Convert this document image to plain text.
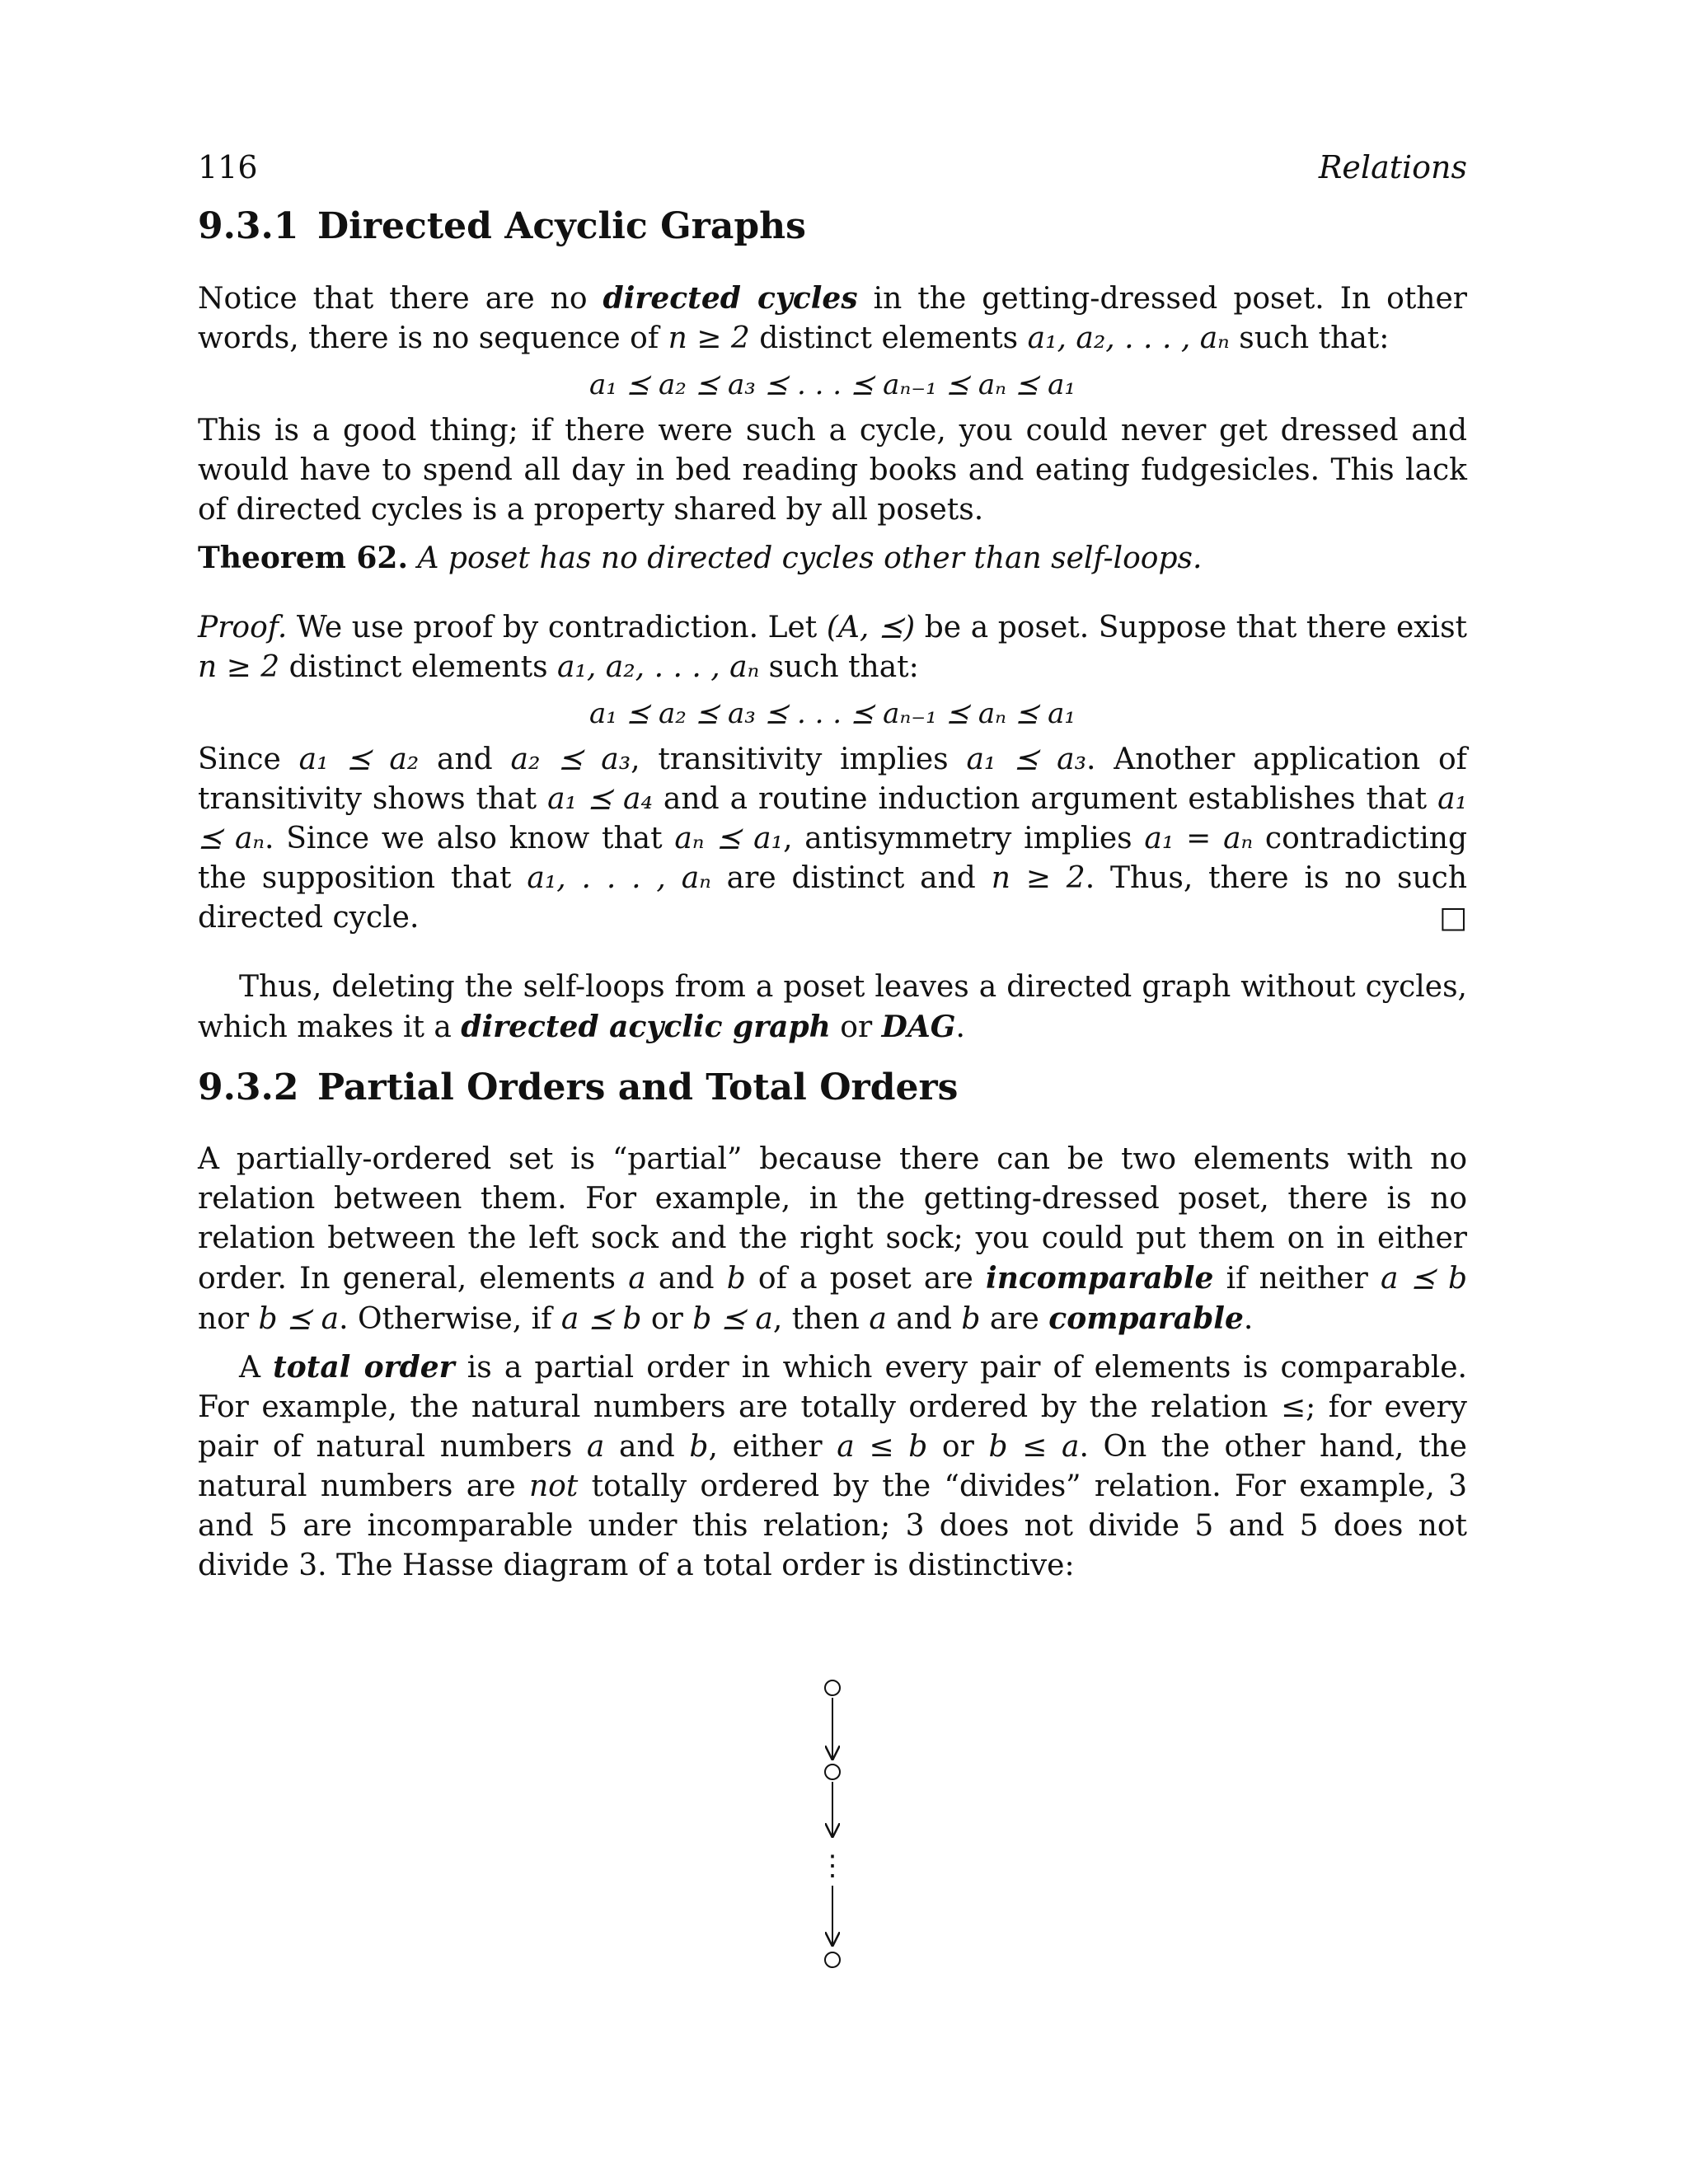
116	Relations
9.3.1 Directed Acyclic Graphs

Notice that there are no directed cycles in the getting-dressed poset. In other words, there is no sequence of n ≥ 2 distinct elements a₁, a₂, . . . , aₙ such that:

a₁ ⪯ a₂ ⪯ a₃ ⪯ . . . ⪯ aₙ₋₁ ⪯ aₙ ⪯ a₁

This is a good thing; if there were such a cycle, you could never get dressed and would have to spend all day in bed reading books and eating fudgesicles. This lack of directed cycles is a property shared by all posets.

Theorem 62. A poset has no directed cycles other than self-loops.

Proof. We use proof by contradiction. Let (A, ⪯) be a poset. Suppose that there exist n ≥ 2 distinct elements a₁, a₂, . . . , aₙ such that:

a₁ ⪯ a₂ ⪯ a₃ ⪯ . . . ⪯ aₙ₋₁ ⪯ aₙ ⪯ a₁

Since a₁ ⪯ a₂ and a₂ ⪯ a₃, transitivity implies a₁ ⪯ a₃. Another application of transitivity shows that a₁ ⪯ a₄ and a routine induction argument establishes that a₁ ⪯ aₙ. Since we also know that aₙ ⪯ a₁, antisymmetry implies a₁ = aₙ contradicting the supposition that a₁, . . . , aₙ are distinct and n ≥ 2. Thus, there is no such directed cycle.	□

Thus, deleting the self-loops from a poset leaves a directed graph without cycles, which makes it a directed acyclic graph or DAG.

9.3.2 Partial Orders and Total Orders

A partially-ordered set is “partial” because there can be two elements with no relation between them. For example, in the getting-dressed poset, there is no relation between the left sock and the right sock; you could put them on in either order. In general, elements a and b of a poset are incomparable if neither a ⪯ b nor b ⪯ a. Otherwise, if a ⪯ b or b ⪯ a, then a and b are comparable.

A total order is a partial order in which every pair of elements is comparable. For example, the natural numbers are totally ordered by the relation ≤; for every pair of natural numbers a and b, either a ≤ b or b ≤ a. On the other hand, the natural numbers are not totally ordered by the “divides” relation. For example, 3 and 5 are incomparable under this relation; 3 does not divide 5 and 5 does not divide 3. The Hasse diagram of a total order is distinctive:

⋮
